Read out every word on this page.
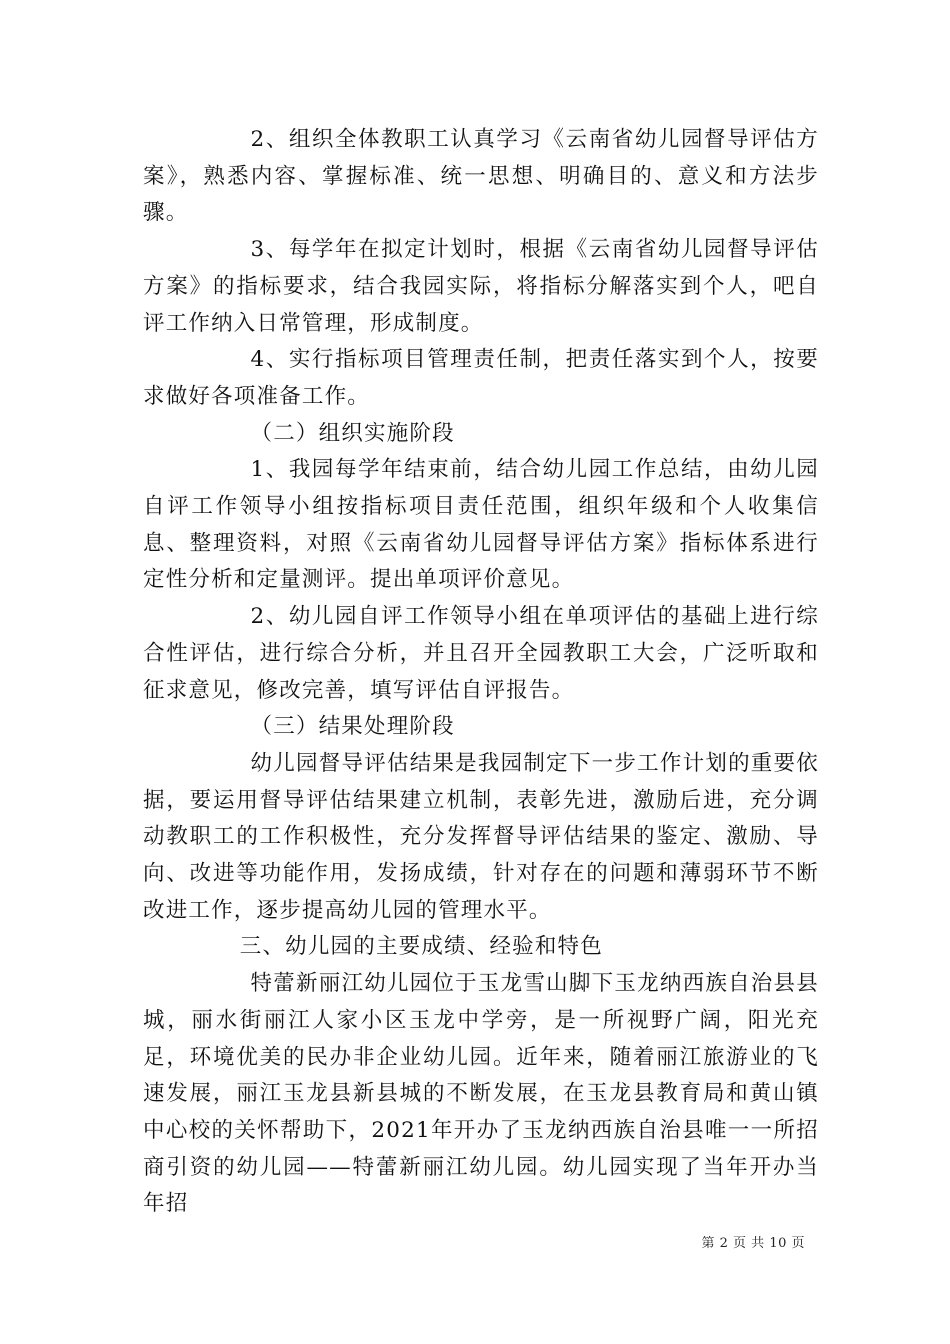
2、组织全体教职工认真学习《云南省幼儿园督导评估方案》，熟悉内容、掌握标准、统一思想、明确目的、意义和方法步骤。

3、每学年在拟定计划时，根据《云南省幼儿园督导评估方案》的指标要求，结合我园实际，将指标分解落实到个人，吧自评工作纳入日常管理，形成制度。

4、实行指标项目管理责任制，把责任落实到个人，按要求做好各项准备工作。

（二）组织实施阶段

1、我园每学年结束前，结合幼儿园工作总结，由幼儿园自评工作领导小组按指标项目责任范围，组织年级和个人收集信息、整理资料，对照《云南省幼儿园督导评估方案》指标体系进行定性分析和定量测评。提出单项评价意见。

2、幼儿园自评工作领导小组在单项评估的基础上进行综合性评估，进行综合分析，并且召开全园教职工大会，广泛听取和征求意见，修改完善，填写评估自评报告。

（三）结果处理阶段

幼儿园督导评估结果是我园制定下一步工作计划的重要依据，要运用督导评估结果建立机制，表彰先进，激励后进，充分调动教职工的工作积极性，充分发挥督导评估结果的鉴定、激励、导向、改进等功能作用，发扬成绩，针对存在的问题和薄弱环节不断改进工作，逐步提高幼儿园的管理水平。

三、幼儿园的主要成绩、经验和特色

特蕾新丽江幼儿园位于玉龙雪山脚下玉龙纳西族自治县县城，丽水街丽江人家小区玉龙中学旁，是一所视野广阔，阳光充足，环境优美的民办非企业幼儿园。近年来，随着丽江旅游业的飞速发展，丽江玉龙县新县城的不断发展，在玉龙县教育局和黄山镇中心校的关怀帮助下，2021年开办了玉龙纳西族自治县唯一一所招商引资的幼儿园——特蕾新丽江幼儿园。幼儿园实现了当年开办当年招

第 2 页 共 10 页
